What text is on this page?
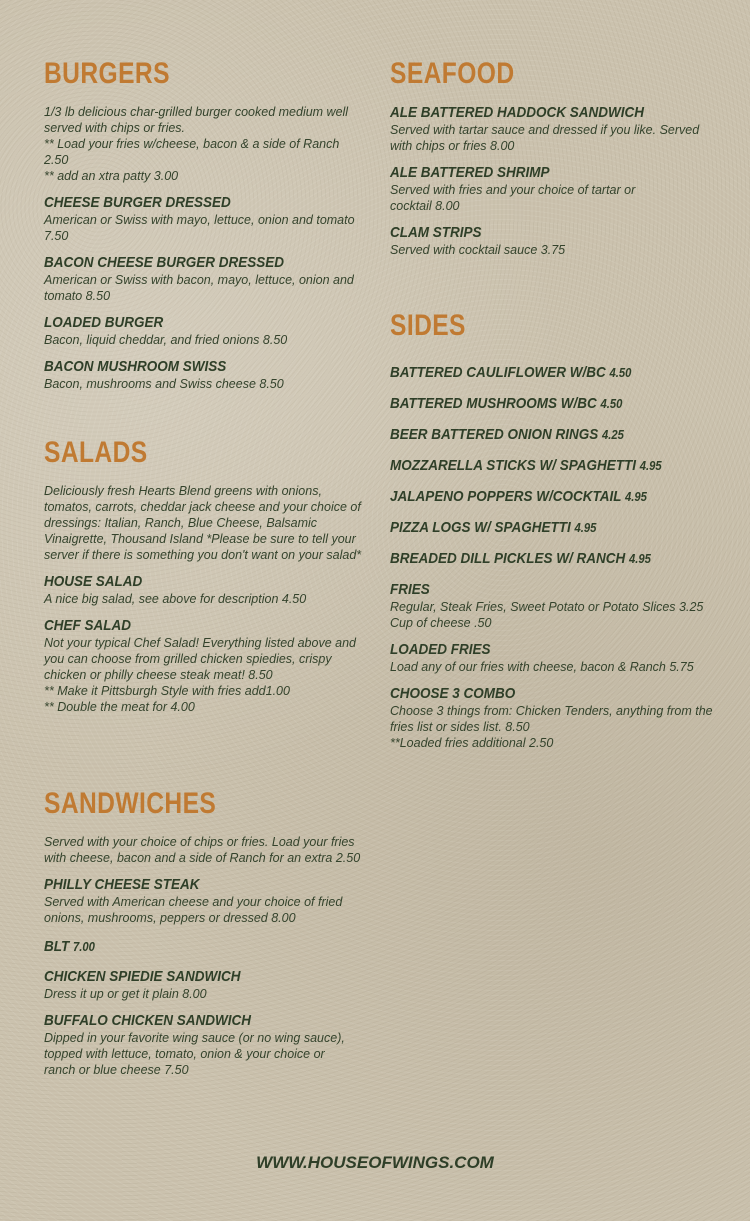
BURGERS
1/3 lb delicious char-grilled burger cooked medium well
served with chips or fries.
** Load your fries w/cheese, bacon & a side of Ranch
2.50
** add an xtra patty 3.00
CHEESE BURGER DRESSED
American or Swiss with mayo, lettuce, onion and tomato
7.50
BACON CHEESE BURGER DRESSED
American or Swiss with bacon, mayo, lettuce, onion and
tomato 8.50
LOADED BURGER
Bacon, liquid cheddar, and fried onions 8.50
BACON MUSHROOM SWISS
Bacon, mushrooms and Swiss cheese 8.50
SALADS
Deliciously fresh Hearts Blend greens with onions,
tomatos, carrots, cheddar jack cheese and your choice of
dressings: Italian, Ranch, Blue Cheese, Balsamic
Vinaigrette, Thousand Island *Please be sure to tell your
server if there is something you don't want on your salad*
HOUSE SALAD
A nice big salad, see above for description 4.50
CHEF SALAD
Not your typical Chef Salad! Everything listed above and
you can choose from grilled chicken spiedies, crispy
chicken or philly cheese steak meat! 8.50
** Make it Pittsburgh Style with fries add1.00
** Double the meat for 4.00
SANDWICHES
Served with your choice of chips or fries. Load your fries
with cheese, bacon and a side of Ranch for an extra 2.50
PHILLY CHEESE STEAK
Served with American cheese and your choice of fried
onions, mushrooms, peppers or dressed 8.00
BLT 7.00
CHICKEN SPIEDIE SANDWICH
Dress it up or get it plain 8.00
BUFFALO CHICKEN SANDWICH
Dipped in your favorite wing sauce (or no wing sauce),
topped with lettuce, tomato, onion & your choice or
ranch or blue cheese 7.50
SEAFOOD
ALE BATTERED HADDOCK SANDWICH
Served with tartar sauce and dressed if you like. Served
with chips or fries 8.00
ALE BATTERED SHRIMP
Served with fries and your choice of tartar or
cocktail 8.00
CLAM STRIPS
Served with cocktail sauce 3.75
SIDES
BATTERED CAULIFLOWER W/BC 4.50
BATTERED MUSHROOMS W/BC 4.50
BEER BATTERED ONION RINGS 4.25
MOZZARELLA STICKS W/ SPAGHETTI 4.95
JALAPENO POPPERS W/COCKTAIL 4.95
PIZZA LOGS W/ SPAGHETTI 4.95
BREADED DILL PICKLES W/ RANCH 4.95
FRIES
Regular, Steak Fries, Sweet Potato or Potato Slices 3.25
Cup of cheese .50
LOADED FRIES
Load any of our fries with cheese, bacon & Ranch 5.75
CHOOSE 3 COMBO
Choose 3 things from: Chicken Tenders, anything from the
fries list or sides list. 8.50
**Loaded fries additional 2.50
WWW.HOUSEOFWINGS.COM
